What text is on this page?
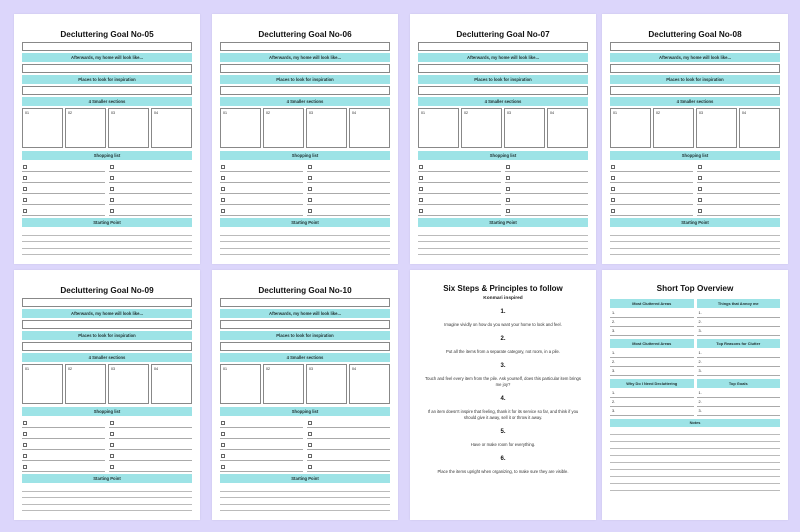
Decluttering Goal No-05
Afterwards, my home will look like...
Places to look for inspiration
4 Smaller sections
01	02	03	04
Shopping list
Starting Point
Decluttering Goal No-06
Afterwards, my home will look like...
Places to look for inspiration
4 Smaller sections
01	02	03	04
Shopping list
Starting Point
Decluttering Goal No-07
Afterwards, my home will look like...
Places to look for inspiration
4 Smaller sections
01	02	03	04
Shopping list
Starting Point
Decluttering Goal No-08
Afterwards, my home will look like...
Places to look for inspiration
4 Smaller sections
01	02	03	04
Shopping list
Starting Point
Decluttering Goal No-09
Afterwards, my home will look like...
Places to look for inspiration
4 Smaller sections
01	02	03	04
Shopping list
Starting Point
Decluttering Goal No-10
Afterwards, my home will look like...
Places to look for inspiration
4 Smaller sections
01	02	03	04
Shopping list
Starting Point
Six Steps & Principles to follow
Konmari inspired
1.
Imagine vividly on how do you want your home to look and feel.
2.
Put all the items from a separate category, not room, in a pile.
3.
Touch and feel every item from the pile. Ask yourself, does this particular item brings me joy?
4.
If an item doesn't inspire that feeling, thank it for its service so far, and think if you should give it away, sell it or throw it away.
5.
Have or make room for everything.
6.
Place the items upright when organizing, to make sure they are visible.
Short Top Overview
Most Cluttered Areas
1.
2.
3.
Things that Annoy me
1.
2.
3.
Most Cluttered Areas
1.
2.
3.
Top Reasons for Clutter
1.
2.
3.
Why Do I Need Decluttering
1.
2.
3.
Top Goals
1.
2.
3.
Notes
